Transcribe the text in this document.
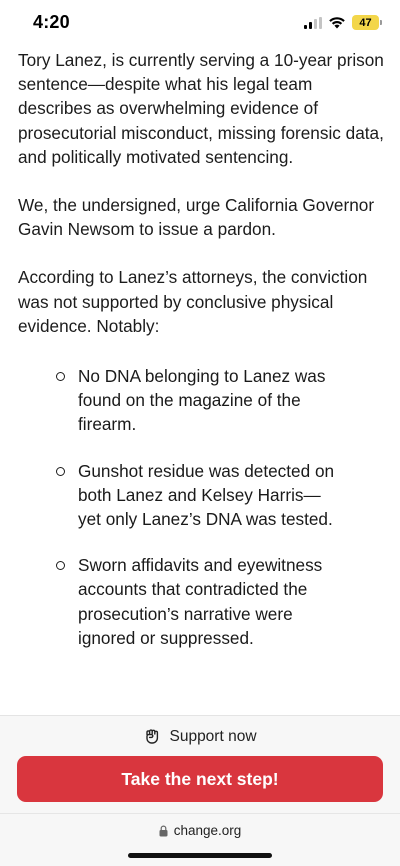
4:20	47

Tory Lanez, is currently serving a 10-year prison sentence—despite what his legal team describes as overwhelming evidence of prosecutorial misconduct, missing forensic data, and politically motivated sentencing.

We, the undersigned, urge California Governor Gavin Newsom to issue a pardon.

According to Lanez’s attorneys, the conviction was not supported by conclusive physical evidence. Notably:

No DNA belonging to Lanez was found on the magazine of the firearm.
Gunshot residue was detected on both Lanez and Kelsey Harris—yet only Lanez’s DNA was tested.
Sworn affidavits and eyewitness accounts that contradicted the prosecution’s narrative were ignored or suppressed.
Support now
Take the next step!
change.org
